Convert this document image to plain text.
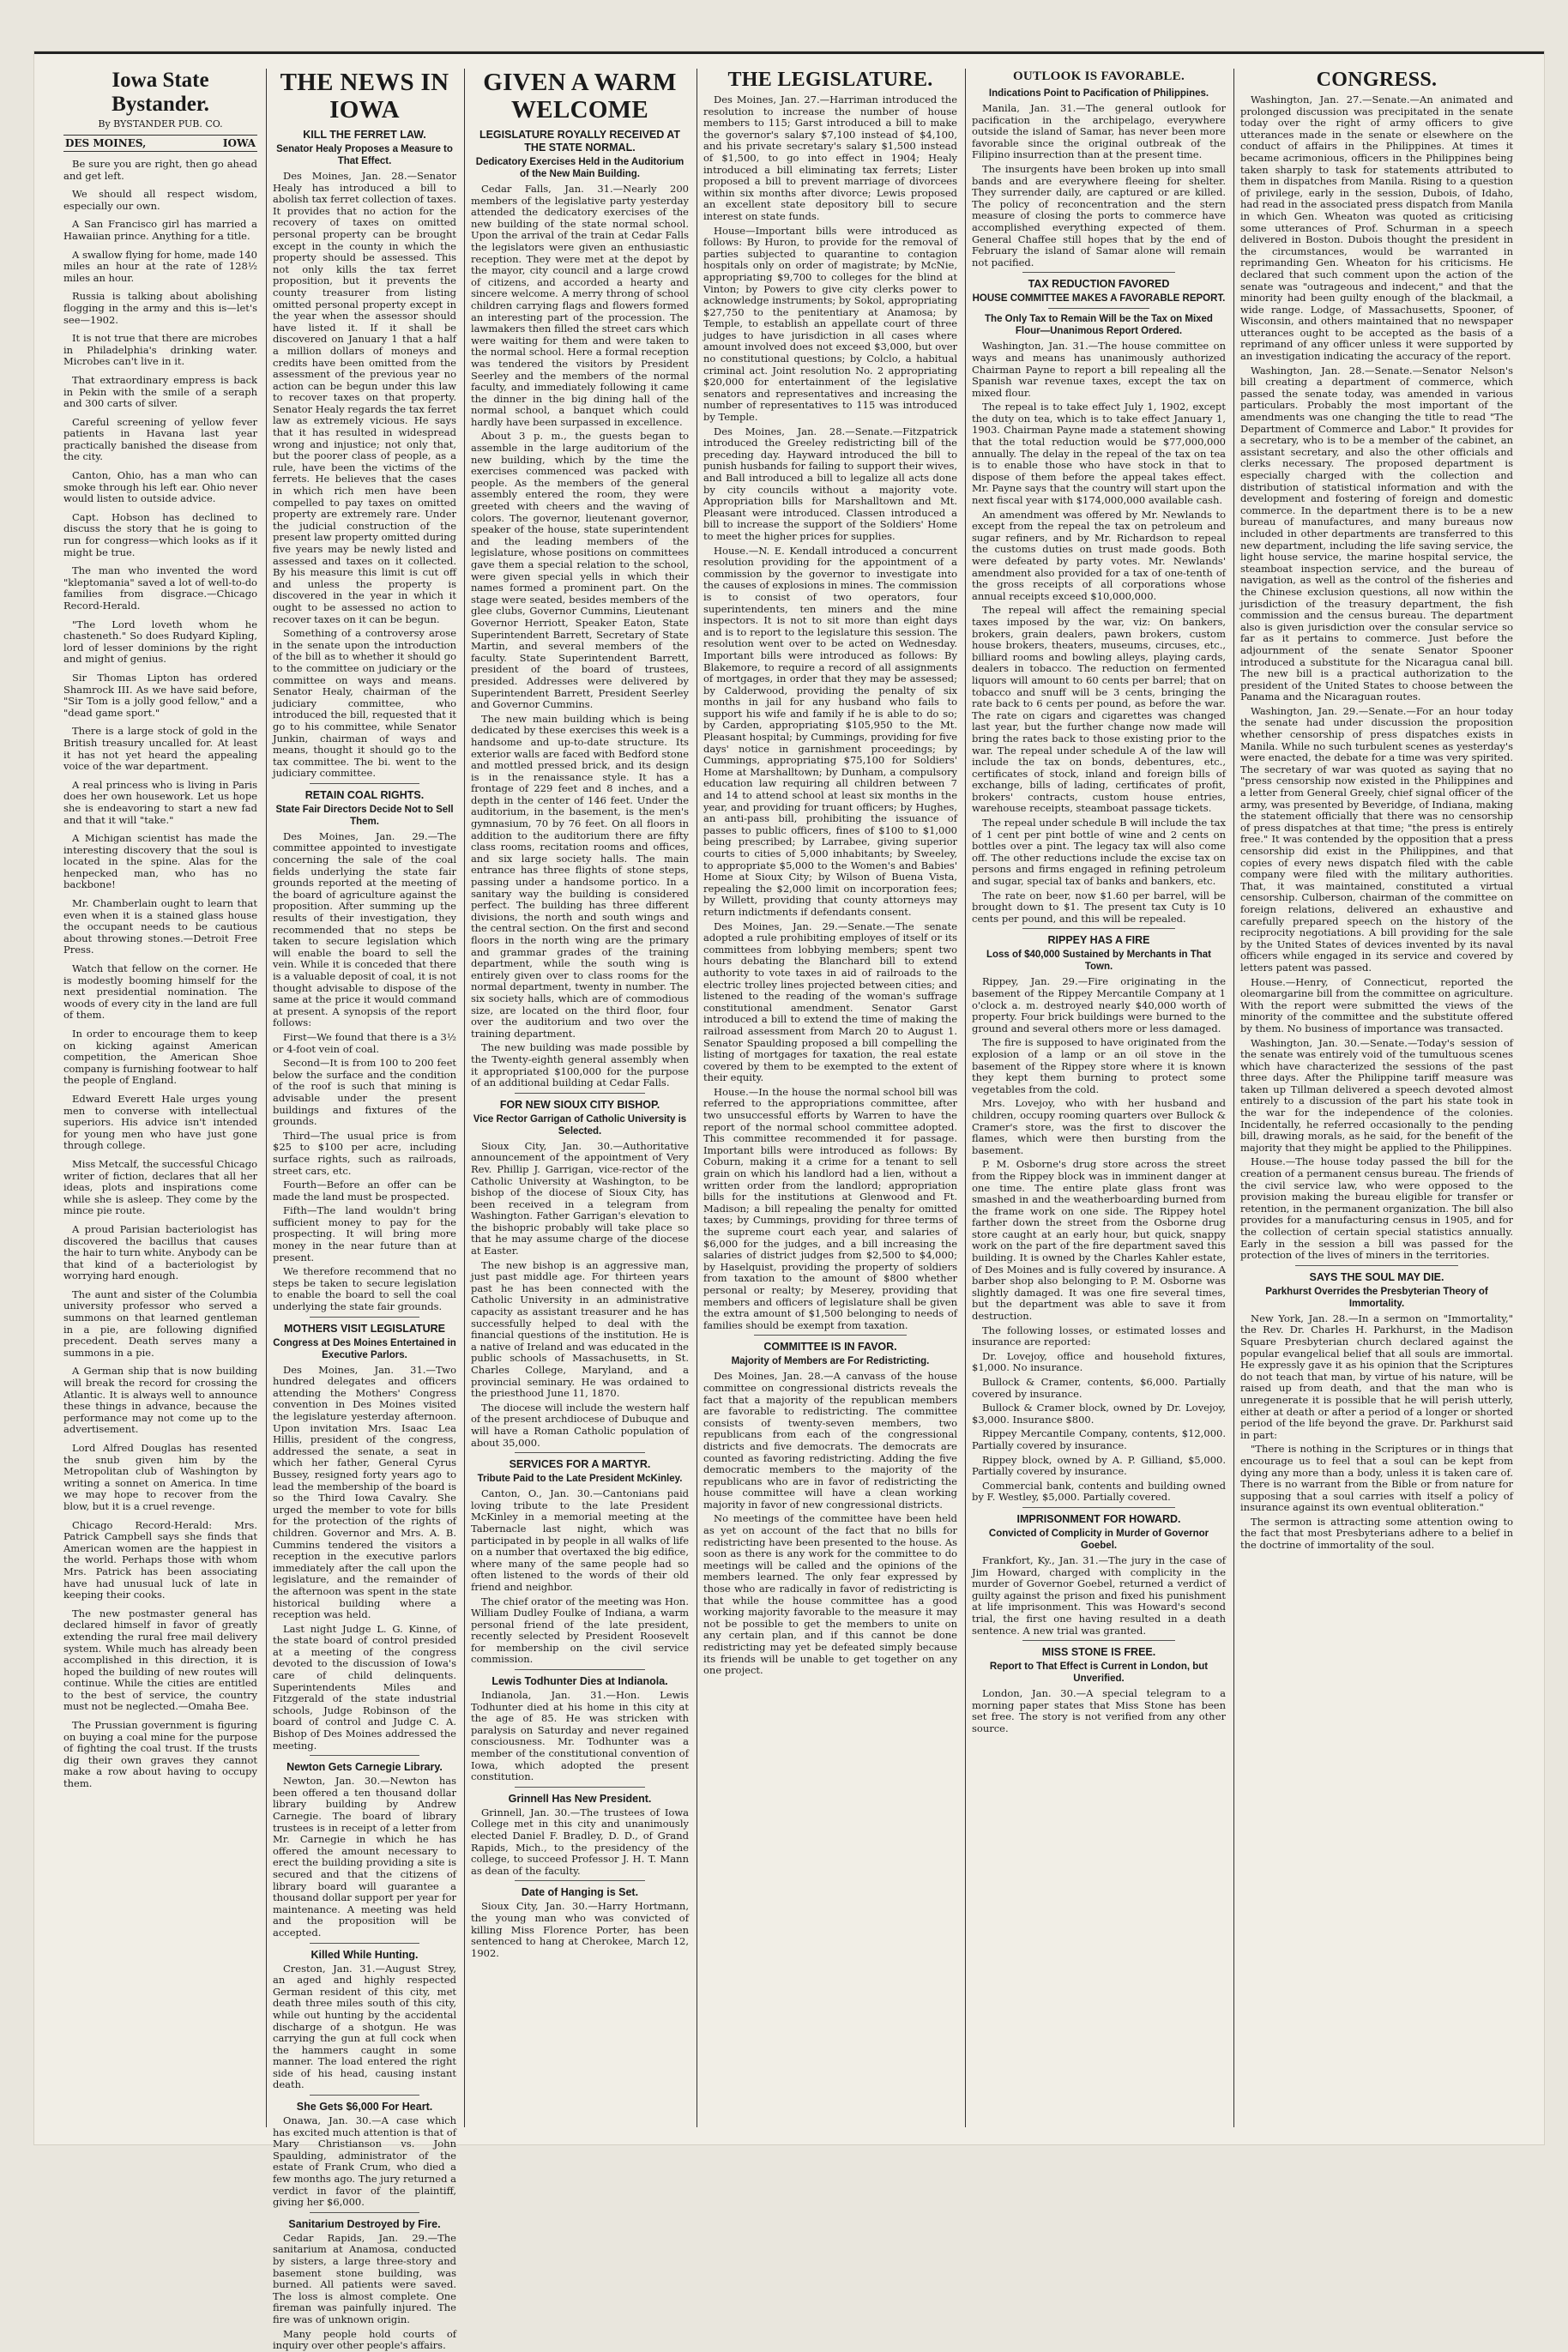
Iowa State Bystander.
By BYSTANDER PUB. CO.
DES MOINES,	IOWA
Be sure you are right, then go ahead and get left.
We should all respect wisdom, especially our own.
A San Francisco girl has married a Hawaiian prince. Anything for a title.
A swallow flying for home, made 140 miles an hour at the rate of 128½ miles an hour.
Russia is talking about abolishing flogging in the army and this is—let's see—1902.
It is not true that there are microbes in Philadelphia's drinking water. Microbes can't live in it.
That extraordinary empress is back in Pekin with the smile of a seraph and 300 carts of silver.
Careful screening of yellow fever patients in Havana last year practically banished the disease from the city.
Canton, Ohio, has a man who can smoke through his left ear. Ohio never would listen to outside advice.
Capt. Hobson has declined to discuss the story that he is going to run for congress—which looks as if it might be true.
The man who invented the word "kleptomania" saved a lot of well-to-do families from disgrace.—Chicago Record-Herald.
"The Lord loveth whom he chasteneth." So does Rudyard Kipling, lord of lesser dominions by the right and might of genius.
Sir Thomas Lipton has ordered Shamrock III. As we have said before, "Sir Tom is a jolly good fellow," and a "dead game sport."
There is a large stock of gold in the British treasury uncalled for. At least it has not yet heard the appealing voice of the war department.
A real princess who is living in Paris does her own housework. Let us hope she is endeavoring to start a new fad and that it will "take."
A Michigan scientist has made the interesting discovery that the soul is located in the spine. Alas for the henpecked man, who has no backbone!
Mr. Chamberlain ought to learn that even when it is a stained glass house the occupant needs to be cautious about throwing stones.—Detroit Free Press.
Watch that fellow on the corner. He is modestly booming himself for the next presidential nomination. The woods of every city in the land are full of them.
In order to encourage them to keep on kicking against American competition, the American Shoe company is furnishing footwear to half the people of England.
Edward Everett Hale urges young men to converse with intellectual superiors. His advice isn't intended for young men who have just gone through college.
Miss Metcalf, the successful Chicago writer of fiction, declares that all her ideas, plots and inspirations come while she is asleep. They come by the mince pie route.
A proud Parisian bacteriologist has discovered the bacillus that causes the hair to turn white. Anybody can be that kind of a bacteriologist by worrying hard enough.
The aunt and sister of the Columbia university professor who served a summons on that learned gentleman in a pie, are following dignified precedent. Death serves many a summons in a pie.
A German ship that is now building will break the record for crossing the Atlantic. It is always well to announce these things in advance, because the performance may not come up to the advertisement.
Lord Alfred Douglas has resented the snub given him by the Metropolitan club of Washington by writing a sonnet on America. In time we may hope to recover from the blow, but it is a cruel revenge.
Chicago Record-Herald: Mrs. Patrick Campbell says she finds that American women are the happiest in the world. Perhaps those with whom Mrs. Patrick has been associating have had unusual luck of late in keeping their cooks.
The new postmaster general has declared himself in favor of greatly extending the rural free mail delivery system. While much has already been accomplished in this direction, it is hoped the building of new routes will continue. While the cities are entitled to the best of service, the country must not be neglected.—Omaha Bee.
The Prussian government is figuring on buying a coal mine for the purpose of fighting the coal trust. If the trusts dig their own graves they cannot make a row about having to occupy them.
THE NEWS IN IOWA
KILL THE FERRET LAW.
Senator Healy Proposes a Measure to That Effect.
Des Moines, Jan. 28.—Senator Healy has introduced a bill to abolish tax ferret collection of taxes. It provides that no action for the recovery of taxes on omitted personal property can be brought except in the county in which the property should be assessed. This not only kills the tax ferret proposition, but it prevents the county treasurer from listing omitted personal property except in the year when the assessor should have listed it. If it shall be discovered on January 1 that a half a million dollars of moneys and credits have been omitted from the assessment of the previous year no action can be begun under this law to recover taxes on that property. Senator Healy regards the tax ferret law as extremely vicious. He says that it has resulted in widespread wrong and injustice; not only that, but the poorer class of people, as a rule, have been the victims of the ferrets. He believes that the cases in which rich men have been compelled to pay taxes on omitted property are extremely rare. Under the judicial construction of the present law property omitted during five years may be newly listed and assessed and taxes on it collected. By his measure this limit is cut off and unless the property is discovered in the year in which it ought to be assessed no action to recover taxes on it can be begun.
Something of a controversy arose in the senate upon the introduction of the bill as to whether it should go to the committee on judiciary or the committee on ways and means. Senator Healy, chairman of the judiciary committee, who introduced the bill, requested that it go to his committee, while Senator Junkin, chairman of ways and means, thought it should go to the tax committee. The bi. went to the judiciary committee.
RETAIN COAL RIGHTS.
State Fair Directors Decide Not to Sell Them.
Des Moines, Jan. 29.—The committee appointed to investigate concerning the sale of the coal fields underlying the state fair grounds reported at the meeting of the board of agriculture against the proposition. After summing up the results of their investigation, they recommended that no steps be taken to secure legislation which will enable the board to sell the vein. While it is conceded that there is a valuable deposit of coal, it is not thought advisable to dispose of the same at the price it would command at present. A synopsis of the report follows:
First—We found that there is a 3½ or 4-foot vein of coal.
Second—It is from 100 to 200 feet below the surface and the condition of the roof is such that mining is advisable under the present buildings and fixtures of the grounds.
Third—The usual price is from $25 to $100 per acre, including surface rights, such as railroads, street cars, etc.
Fourth—Before an offer can be made the land must be prospected.
Fifth—The land wouldn't bring sufficient money to pay for the prospecting. It will bring more money in the near future than at present.
We therefore recommend that no steps be taken to secure legislation to enable the board to sell the coal underlying the state fair grounds.
MOTHERS VISIT LEGISLATURE
Congress at Des Moines Entertained in Executive Parlors.
Des Moines, Jan. 31.—Two hundred delegates and officers attending the Mothers' Congress convention in Des Moines visited the legislature yesterday afternoon. Upon invitation Mrs. Isaac Lea Hillis, president of the congress, addressed the senate, a seat in which her father, General Cyrus Bussey, resigned forty years ago to lead the membership of the board is so the Third Iowa Cavalry. She urged the member to vote for bills for the protection of the rights of children. Governor and Mrs. A. B. Cummins tendered the visitors a reception in the executive parlors immediately after the call upon the legislature, and the remainder of the afternoon was spent in the state historical building where a reception was held.
Last night Judge L. G. Kinne, of the state board of control presided at a meeting of the congress devoted to the discussion of Iowa's care of child delinquents. Superintendents Miles and Fitzgerald of the state industrial schools, Judge Robinson of the board of control and Judge C. A. Bishop of Des Moines addressed the meeting.
Newton Gets Carnegie Library.
Newton, Jan. 30.—Newton has been offered a ten thousand dollar library building by Andrew Carnegie. The board of library trustees is in receipt of a letter from Mr. Carnegie in which he has offered the amount necessary to erect the building providing a site is secured and that the citizens of library board will guarantee a thousand dollar support per year for maintenance. A meeting was held and the proposition will be accepted.
Killed While Hunting.
Creston, Jan. 31.—August Strey, an aged and highly respected German resident of this city, met death three miles south of this city, while out hunting by the accidental discharge of a shotgun. He was carrying the gun at full cock when the hammers caught in some manner. The load entered the right side of his head, causing instant death.
She Gets $6,000 For Heart.
Onawa, Jan. 30.—A case which has excited much attention is that of Mary Christianson vs. John Spaulding, administrator of the estate of Frank Crum, who died a few months ago. The jury returned a verdict in favor of the plaintiff, giving her $6,000.
Sanitarium Destroyed by Fire.
Cedar Rapids, Jan. 29.—The sanitarium at Anamosa, conducted by sisters, a large three-story and basement stone building, was burned. All patients were saved. The loss is almost complete. One fireman was painfully injured. The fire was of unknown origin.
Many people hold courts of inquiry over other people's affairs.
GIVEN A WARM WELCOME
LEGISLATURE ROYALLY RECEIVED AT THE STATE NORMAL.
Dedicatory Exercises Held in the Auditorium of the New Main Building.
Cedar Falls, Jan. 31.—Nearly 200 members of the legislative party yesterday attended the dedicatory exercises of the new building of the state normal school. Upon the arrival of the train at Cedar Falls the legislators were given an enthusiastic reception. They were met at the depot by the mayor, city council and a large crowd of citizens, and accorded a hearty and sincere welcome. A merry throng of school children carrying flags and flowers formed an interesting part of the procession. The lawmakers then filled the street cars which were waiting for them and were taken to the normal school. Here a formal reception was tendered the visitors by President Seerley and the members of the normal faculty, and immediately following it came the dinner in the big dining hall of the normal school, a banquet which could hardly have been surpassed in excellence.
About 3 p. m., the guests began to assemble in the large auditorium of the new building, which by the time the exercises commenced was packed with people. As the members of the general assembly entered the room, they were greeted with cheers and the waving of colors. The governor, lieutenant governor, speaker of the house, state superintendent and the leading members of the legislature, whose positions on committees gave them a special relation to the school, were given special yells in which their names formed a prominent part. On the stage were seated, besides members of the glee clubs, Governor Cummins, Lieutenant Governor Herriott, Speaker Eaton, State Superintendent Barrett, Secretary of State Martin, and several members of the faculty. State Superintendent Barrett, president of the board of trustees, presided. Addresses were delivered by Superintendent Barrett, President Seerley and Governor Cummins.
The new main building which is being dedicated by these exercises this week is a handsome and up-to-date structure. Its exterior walls are faced with Bedford stone and mottled pressed brick, and its design is in the renaissance style. It has a frontage of 229 feet and 8 inches, and a depth in the center of 146 feet. Under the auditorium, in the basement, is the men's gymnasium, 70 by 76 feet. On all floors in addition to the auditorium there are fifty class rooms, recitation rooms and offices, and six large society halls. The main entrance has three flights of stone steps, passing under a handsome portico. In a sanitary way the building is considered perfect. The building has three different divisions, the north and south wings and the central section. On the first and second floors in the north wing are the primary and grammar grades of the training department, while the south wing is entirely given over to class rooms for the normal department, twenty in number. The six society halls, which are of commodious size, are located on the third floor, four over the auditorium and two over the training department.
The new building was made possible by the Twenty-eighth general assembly when it appropriated $100,000 for the purpose of an additional building at Cedar Falls.
FOR NEW SIOUX CITY BISHOP.
Vice Rector Garrigan of Catholic University is Selected.
Sioux City, Jan. 30.—Authoritative announcement of the appointment of Very Rev. Phillip J. Garrigan, vice-rector of the Catholic University at Washington, to be bishop of the diocese of Sioux City, has been received in a telegram from Washington. Father Garrigan's elevation to the bishopric probably will take place so that he may assume charge of the diocese at Easter.
The new bishop is an aggressive man, just past middle age. For thirteen years past he has been connected with the Catholic University in an administrative capacity as assistant treasurer and he has successfully helped to deal with the financial questions of the institution. He is a native of Ireland and was educated in the public schools of Massachusetts, in St. Charles College, Maryland, and a provincial seminary. He was ordained to the priesthood June 11, 1870.
The diocese will include the western half of the present archdiocese of Dubuque and will have a Roman Catholic population of about 35,000.
SERVICES FOR A MARTYR.
Tribute Paid to the Late President McKinley.
Canton, O., Jan. 30.—Cantonians paid loving tribute to the late President McKinley in a memorial meeting at the Tabernacle last night, which was participated in by people in all walks of life on a number that overtaxed the big edifice, where many of the same people had so often listened to the words of their old friend and neighbor.
The chief orator of the meeting was Hon. William Dudley Foulke of Indiana, a warm personal friend of the late president, recently selected by President Roosevelt for membership on the civil service commission.
Lewis Todhunter Dies at Indianola.
Indianola, Jan. 31.—Hon. Lewis Todhunter died at his home in this city at the age of 85. He was stricken with paralysis on Saturday and never regained consciousness. Mr. Todhunter was a member of the constitutional convention of Iowa, which adopted the present constitution.
Grinnell Has New President.
Grinnell, Jan. 30.—The trustees of Iowa College met in this city and unanimously elected Daniel F. Bradley, D. D., of Grand Rapids, Mich., to the presidency of the college, to succeed Professor J. H. T. Mann as dean of the faculty.
Date of Hanging is Set.
Sioux City, Jan. 30.—Harry Hortmann, the young man who was convicted of killing Miss Florence Porter, has been sentenced to hang at Cherokee, March 12, 1902.
THE LEGISLATURE.
Des Moines, Jan. 27.—Harriman introduced the resolution to increase the number of house members to 115; Garst introduced a bill to make the governor's salary $7,100 instead of $4,100, and his private secretary's salary $1,500 instead of $1,500, to go into effect in 1904; Healy introduced a bill eliminating tax ferrets; Lister proposed a bill to prevent marriage of divorcees within six months after divorce; Lewis proposed an excellent state depository bill to secure interest on state funds.
House—Important bills were introduced as follows: By Huron, to provide for the removal of parties subjected to quarantine to contagion hospitals only on order of magistrate; by McNie, appropriating $9,700 to colleges for the blind at Vinton; by Powers to give city clerks power to acknowledge instruments; by Sokol, appropriating $27,750 to the penitentiary at Anamosa; by Temple, to establish an appellate court of three judges to have jurisdiction in all cases where amount involved does not exceed $3,000, but over no constitutional questions; by Colclo, a habitual criminal act. Joint resolution No. 2 appropriating $20,000 for entertainment of the legislative senators and representatives and increasing the number of representatives to 115 was introduced by Temple.
Des Moines, Jan. 28.—Senate.—Fitzpatrick introduced the Greeley redistricting bill of the preceding day. Hayward introduced the bill to punish husbands for failing to support their wives, and Ball introduced a bill to legalize all acts done by city councils without a majority vote. Appropriation bills for Marshalltown and Mt. Pleasant were introduced. Classen introduced a bill to increase the support of the Soldiers' Home to meet the higher prices for supplies.
House.—N. E. Kendall introduced a concurrent resolution providing for the appointment of a commission by the governor to investigate into the causes of explosions in mines. The commission is to consist of two operators, four superintendents, ten miners and the mine inspectors. It is not to sit more than eight days and is to report to the legislature this session. The resolution went over to be acted on Wednesday. Important bills were introduced as follows: By Blakemore, to require a record of all assignments of mortgages, in order that they may be assessed; by Calderwood, providing the penalty of six months in jail for any husband who fails to support his wife and family if he is able to do so; by Carden, appropriating $105,950 to the Mt. Pleasant hospital; by Cummings, providing for five days' notice in garnishment proceedings; by Cummings, appropriating $75,100 for Soldiers' Home at Marshalltown; by Dunham, a compulsory education law requiring all children between 7 and 14 to attend school at least six months in the year, and providing for truant officers; by Hughes, an anti-pass bill, prohibiting the issuance of passes to public officers, fines of $100 to $1,000 being prescribed; by Larrabee, giving superior courts to cities of 5,000 inhabitants; by Sweeley, to appropriate $5,000 to the Women's and Babies' Home at Sioux City; by Wilson of Buena Vista, repealing the $2,000 limit on incorporation fees; by Willett, providing that county attorneys may return indictments if defendants consent.
Des Moines, Jan. 29.—Senate.—The senate adopted a rule prohibiting employes of itself or its committees from lobbying members; spent two hours debating the Blanchard bill to extend authority to vote taxes in aid of railroads to the electric trolley lines projected between cities; and listened to the reading of the woman's suffrage constitutional amendment. Senator Garst introduced a bill to extend the time of making the railroad assessment from March 20 to August 1. Senator Spaulding proposed a bill compelling the listing of mortgages for taxation, the real estate covered by them to be exempted to the extent of their equity.
House.—In the house the normal school bill was referred to the appropriations committee, after two unsuccessful efforts by Warren to have the report of the normal school committee adopted. This committee recommended it for passage. Important bills were introduced as follows: By Coburn, making it a crime for a tenant to sell grain on which his landlord had a lien, without a written order from the landlord; appropriation bills for the institutions at Glenwood and Ft. Madison; a bill repealing the penalty for omitted taxes; by Cummings, providing for three terms of the supreme court each year, and salaries of $6,000 for the judges, and a bill increasing the salaries of district judges from $2,500 to $4,000; by Haselquist, providing the property of soldiers from taxation to the amount of $800 whether personal or realty; by Meserey, providing that members and officers of legislature shall be given the extra amount of $1,500 belonging to needs of families should be exempt from taxation.
COMMITTEE IS IN FAVOR.
Majority of Members are For Redistricting.
Des Moines, Jan. 28.—A canvass of the house committee on congressional districts reveals the fact that a majority of the republican members are favorable to redistricting. The committee consists of twenty-seven members, two republicans from each of the congressional districts and five democrats. The democrats are counted as favoring redistricting. Adding the five democratic members to the majority of the republicans who are in favor of redistricting the house committee will have a clean working majority in favor of new congressional districts.
No meetings of the committee have been held as yet on account of the fact that no bills for redistricting have been presented to the house. As soon as there is any work for the committee to do meetings will be called and the opinions of the members learned. The only fear expressed by those who are radically in favor of redistricting is that while the house committee has a good working majority favorable to the measure it may not be possible to get the members to unite on any certain plan, and if this cannot be done redistricting may yet be defeated simply because its friends will be unable to get together on any one project.
OUTLOOK IS FAVORABLE.
Indications Point to Pacification of Philippines.
Manila, Jan. 31.—The general outlook for pacification in the archipelago, everywhere outside the island of Samar, has never been more favorable since the original outbreak of the Filipino insurrection than at the present time.
The insurgents have been broken up into small bands and are everywhere fleeing for shelter. They surrender daily, are captured or are killed. The policy of reconcentration and the stern measure of closing the ports to commerce have accomplished everything expected of them. General Chaffee still hopes that by the end of February the island of Samar alone will remain not pacified.
TAX REDUCTION FAVORED
HOUSE COMMITTEE MAKES A FAVORABLE REPORT.
The Only Tax to Remain Will be the Tax on Mixed Flour—Unanimous Report Ordered.
Washington, Jan. 31.—The house committee on ways and means has unanimously authorized Chairman Payne to report a bill repealing all the Spanish war revenue taxes, except the tax on mixed flour.
The repeal is to take effect July 1, 1902, except the duty on tea, which is to take effect January 1, 1903. Chairman Payne made a statement showing that the total reduction would be $77,000,000 annually. The delay in the repeal of the tax on tea is to enable those who have stock in that to dispose of them before the appeal takes effect. Mr. Payne says that the country will start upon the next fiscal year with $174,000,000 available cash.
An amendment was offered by Mr. Newlands to except from the repeal the tax on petroleum and sugar refiners, and by Mr. Richardson to repeal the customs duties on trust made goods. Both were defeated by party votes. Mr. Newlands' amendment also provided for a tax of one-tenth of the gross receipts of all corporations whose annual receipts exceed $10,000,000.
The repeal will affect the remaining special taxes imposed by the war, viz: On bankers, brokers, grain dealers, pawn brokers, custom house brokers, theaters, museums, circuses, etc., billiard rooms and bowling alleys, playing cards, dealers in tobacco. The reduction on fermented liquors will amount to 60 cents per barrel; that on tobacco and snuff will be 3 cents, bringing the rate back to 6 cents per pound, as before the war. The rate on cigars and cigarettes was changed last year, but the further change now made will bring the rates back to those existing prior to the war. The repeal under schedule A of the law will include the tax on bonds, debentures, etc., certificates of stock, inland and foreign bills of exchange, bills of lading, certificates of profit, brokers' contracts, custom house entries, warehouse receipts, steamboat passage tickets.
The repeal under schedule B will include the tax of 1 cent per pint bottle of wine and 2 cents on bottles over a pint. The legacy tax will also come off. The other reductions include the excise tax on persons and firms engaged in refining petroleum and sugar, special tax of banks and bankers, etc.
The rate on beer, now $1.60 per barrel, will be brought down to $1. The present tax Cuty is 10 cents per pound, and this will be repealed.
RIPPEY HAS A FIRE
Loss of $40,000 Sustained by Merchants in That Town.
Rippey, Jan. 29.—Fire originating in the basement of the Rippey Mercantile Company at 1 o'clock a. m. destroyed nearly $40,000 worth of property. Four brick buildings were burned to the ground and several others more or less damaged.
The fire is supposed to have originated from the explosion of a lamp or an oil stove in the basement of the Rippey store where it is known they kept them burning to protect some vegetables from the cold.
Mrs. Lovejoy, who with her husband and children, occupy rooming quarters over Bullock & Cramer's store, was the first to discover the flames, which were then bursting from the basement.
P. M. Osborne's drug store across the street from the Rippey block was in imminent danger at one time. The entire plate glass front was smashed in and the weatherboarding burned from the frame work on one side. The Rippey hotel farther down the street from the Osborne drug store caught at an early hour, but quick, snappy work on the part of the fire department saved this building. It is owned by the Charles Kahler estate, of Des Moines and is fully covered by insurance. A barber shop also belonging to P. M. Osborne was slightly damaged. It was one fire several times, but the department was able to save it from destruction.
The following losses, or estimated losses and insurance are reported:
Dr. Lovejoy, office and household fixtures, $1,000. No insurance.
Bullock & Cramer, contents, $6,000. Partially covered by insurance.
Bullock & Cramer block, owned by Dr. Lovejoy, $3,000. Insurance $800.
Rippey Mercantile Company, contents, $12,000. Partially covered by insurance.
Rippey block, owned by A. P. Gilliand, $5,000. Partially covered by insurance.
Commercial bank, contents and building owned by F. Westley, $5,000. Partially covered.
IMPRISONMENT FOR HOWARD.
Convicted of Complicity in Murder of Governor Goebel.
Frankfort, Ky., Jan. 31.—The jury in the case of Jim Howard, charged with complicity in the murder of Governor Goebel, returned a verdict of guilty against the prison and fixed his punishment at life imprisonment. This was Howard's second trial, the first one having resulted in a death sentence. A new trial was granted.
MISS STONE IS FREE.
Report to That Effect is Current in London, but Unverified.
London, Jan. 30.—A special telegram to a morning paper states that Miss Stone has been set free. The story is not verified from any other source.
CONGRESS.
Washington, Jan. 27.—Senate.—An animated and prolonged discussion was precipitated in the senate today over the right of army officers to give utterances made in the senate or elsewhere on the conduct of affairs in the Philippines. At times it became acrimonious, officers in the Philippines being taken sharply to task for statements attributed to them in dispatches from Manila. Rising to a question of privilege, early in the session, Dubois, of Idaho, had read in the associated press dispatch from Manila in which Gen. Wheaton was quoted as criticising some utterances of Prof. Schurman in a speech delivered in Boston. Dubois thought the president in the circumstances, would be warranted in reprimanding Gen. Wheaton for his criticisms. He declared that such comment upon the action of the senate was "outrageous and indecent," and that the minority had been guilty enough of the blackmail, a wide range. Lodge, of Massachusetts, Spooner, of Wisconsin, and others maintained that no newspaper utterances ought to be accepted as the basis of a reprimand of any officer unless it were supported by an investigation indicating the accuracy of the report.
Washington, Jan. 28.—Senate.—Senator Nelson's bill creating a department of commerce, which passed the senate today, was amended in various particulars. Probably the most important of the amendments was one changing the title to read "The Department of Commerce and Labor." It provides for a secretary, who is to be a member of the cabinet, an assistant secretary, and also the other officials and clerks necessary. The proposed department is especially charged with the collection and distribution of statistical information and with the development and fostering of foreign and domestic commerce. In the department there is to be a new bureau of manufactures, and many bureaus now included in other departments are transferred to this new department, including the life saving service, the light house service, the marine hospital service, the steamboat inspection service, and the bureau of navigation, as well as the control of the fisheries and the Chinese exclusion questions, all now within the jurisdiction of the treasury department, the fish commission and the census bureau. The department also is given jurisdiction over the consular service so far as it pertains to commerce. Just before the adjournment of the senate Senator Spooner introduced a substitute for the Nicaragua canal bill. The new bill is a practical authorization to the president of the United States to choose between the Panama and the Nicaraguan routes.
Washington, Jan. 29.—Senate.—For an hour today the senate had under discussion the proposition whether censorship of press dispatches exists in Manila. While no such turbulent scenes as yesterday's were enacted, the debate for a time was very spirited. The secretary of war was quoted as saying that no "press censorship now existed in the Philippines and a letter from General Greely, chief signal officer of the army, was presented by Beveridge, of Indiana, making the statement officially that there was no censorship of press dispatches at that time; "the press is entirely free." It was contended by the opposition that a press censorship did exist in the Philippines, and that copies of every news dispatch filed with the cable company were filed with the military authorities. That, it was maintained, constituted a virtual censorship. Culberson, chairman of the committee on foreign relations, delivered an exhaustive and carefully prepared speech on the history of the reciprocity negotiations. A bill providing for the sale by the United States of devices invented by its naval officers while engaged in its service and covered by letters patent was passed.
House.—Henry, of Connecticut, reported the oleomargarine bill from the committee on agriculture. With the report were submitted the views of the minority of the committee and the substitute offered by them. No business of importance was transacted.
Washington, Jan. 30.—Senate.—Today's session of the senate was entirely void of the tumultuous scenes which have characterized the sessions of the past three days. After the Philippine tariff measure was taken up Tillman delivered a speech devoted almost entirely to a discussion of the part his state took in the war for the independence of the colonies. Incidentally, he referred occasionally to the pending bill, drawing morals, as he said, for the benefit of the majority that they might be applied to the Philippines.
House.—The house today passed the bill for the creation of a permanent census bureau. The friends of the civil service law, who were opposed to the provision making the bureau eligible for transfer or retention, in the permanent organization. The bill also provides for a manufacturing census in 1905, and for the collection of certain special statistics annually. Early in the session a bill was passed for the protection of the lives of miners in the territories.
SAYS THE SOUL MAY DIE.
Parkhurst Overrides the Presbyterian Theory of Immortality.
New York, Jan. 28.—In a sermon on "Immortality," the Rev. Dr. Charles H. Parkhurst, in the Madison Square Presbyterian church declared against the popular evangelical belief that all souls are immortal. He expressly gave it as his opinion that the Scriptures do not teach that man, by virtue of his nature, will be raised up from death, and that the man who is unregenerate it is possible that he will perish utterly, either at death or after a period of a longer or shorted period of the life beyond the grave. Dr. Parkhurst said in part:
"There is nothing in the Scriptures or in things that encourage us to feel that a soul can be kept from dying any more than a body, unless it is taken care of. There is no warrant from the Bible or from nature for supposing that a soul carries with itself a policy of insurance against its own eventual obliteration."
The sermon is attracting some attention owing to the fact that most Presbyterians adhere to a belief in the doctrine of immortality of the soul.
